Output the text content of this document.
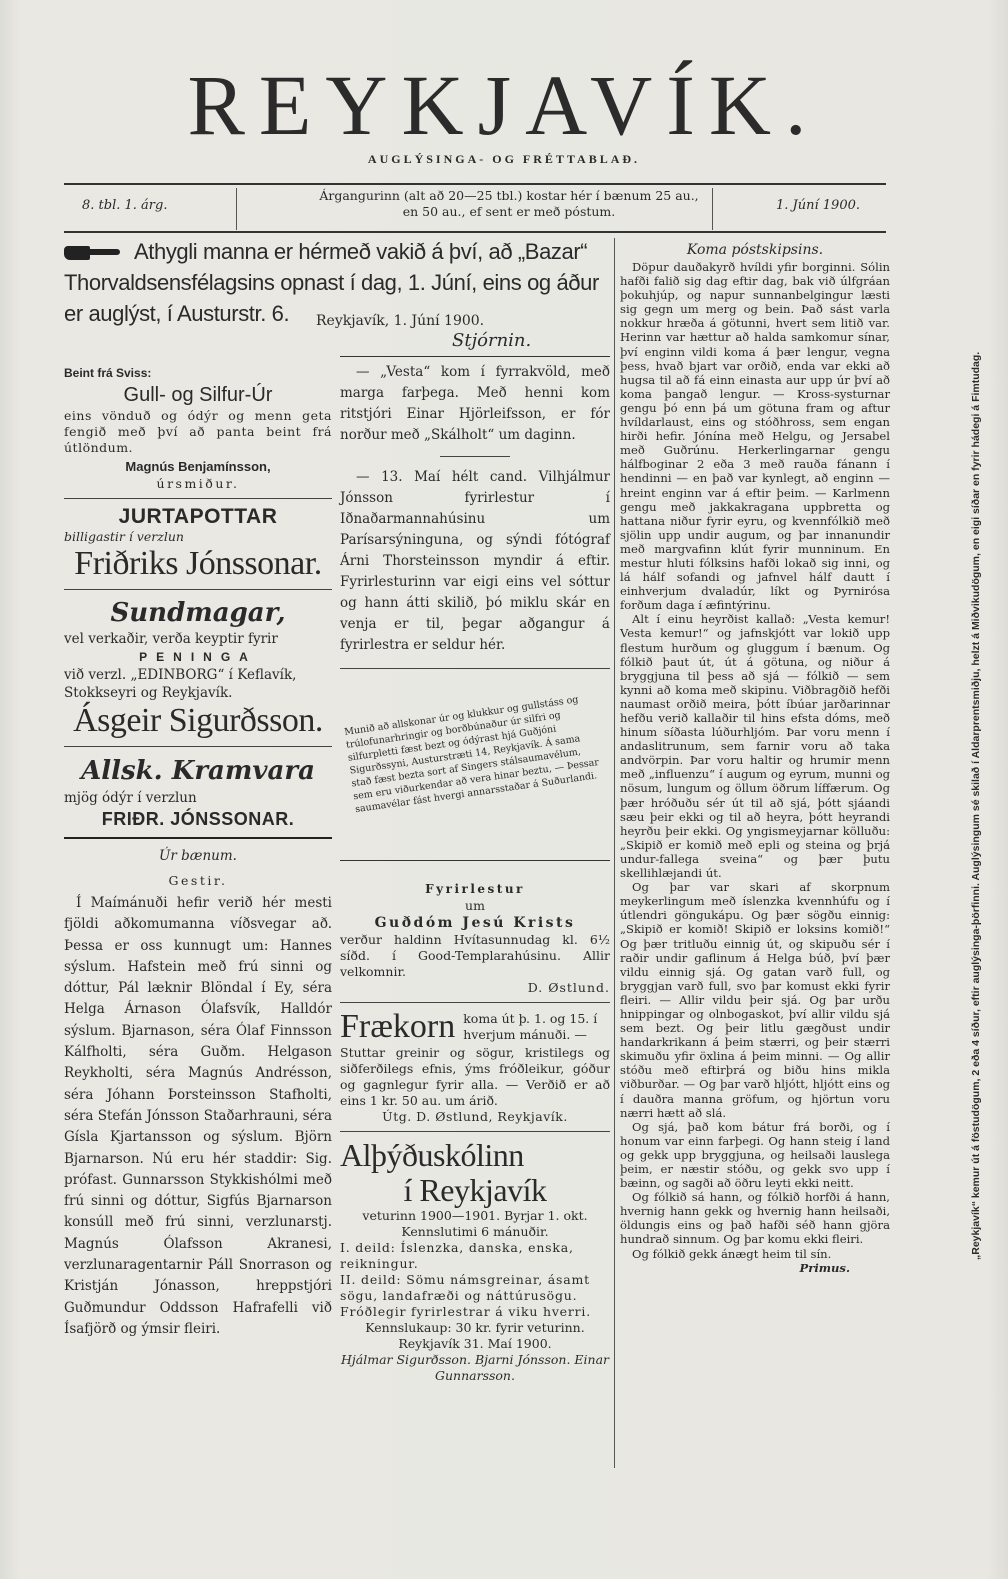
REYKJAVÍK.
AUGLÝSINGA- OG FRÉTTABLAÐ.
8. tbl. 1. árg.
Árgangurinn (alt að 20—25 tbl.) kostar hér í bænum 25 au.,
en 50 au., ef sent er með póstum.	1. Júní 1900.
Athygli manna er hérmeð vakið á því, að „Bazar“ Thorvaldsensfélagsins opnast í dag, 1. Júní, eins og áður er auglýst, í Austurstr. 6.	Reykjavík, 1. Júní 1900.
Stjórnin.

Beint frá Sviss:

Gull- og Silfur-Úr

eins vönduð og ódýr og menn geta fengið með því að panta beint frá útlöndum.

Magnús Benjamínsson,

úrsmiður.

JURTAPOTTAR

billigastir í verzlun

Friðriks Jónssonar.

Sundmagar,

vel verkaðir, verða keyptir fyrir

PENINGA

við verzl. „EDINBORG“ í Keflavík, Stokkseyri og Reykjavík.

Ásgeir Sigurðsson.

Allsk. Kramvara

mjög ódýr í verzlun

FRIÐR. JÓNSSONAR.

Úr bænum.

Gestir.

Í Maímánuði hefir verið hér mesti fjöldi aðkomumanna víðsvegar að. Þessa er oss kunnugt um: Hannes sýslum. Hafstein með frú sinni og dóttur, Pál læknir Blöndal í Ey, séra Helga Árnason Ólafsvík, Halldór sýslum. Bjarnason, séra Ólaf Finnsson Kálfholti, séra Guðm. Helgason Reykholti, séra Magnús Andrésson, séra Jóhann Þorsteinsson Stafholti, séra Stefán Jónsson Staðarhrauni, séra Gísla Kjartansson og sýslum. Björn Bjarnarson. Nú eru hér staddir: Sig. prófast. Gunnarsson Stykkishólmi með frú sinni og dóttur, Sigfús Bjarnarson konsúll með frú sinni, verzlunarstj. Magnús Ólafsson Akranesi, verzlunaragentarnir Páll Snorrason og Kristján Jónasson, hreppstjóri Guðmundur Oddsson Hafrafelli við Ísafjörð og ýmsir fleiri.

— „Vesta“ kom í fyrrakvöld, með marga farþega. Með henni kom ritstjóri Einar Hjörleifsson, er fór norður með „Skálholt“ um daginn.

— 13. Maí hélt cand. Vilhjálmur Jónsson fyrirlestur í Iðnaðarmannahúsinu um Parísarsýninguna, og sýndi fótógraf Árni Thorsteinsson myndir á eftir. Fyrirlesturinn var eigi eins vel sóttur og hann átti skilið, þó miklu skár en venja er til, þegar aðgangur á fyrirlestra er seldur hér.

Munið að allskonar úr og klukkur og gullstáss og trúlofunarhringir og borðbúnaður úr silfri og silfurpletti fæst bezt og ódýrast hjá Guðjóni Sigurðssyni, Austurstræti 14, Reykjavík. Á sama stað fæst bezta sort af Singers stálsaumavélum, sem eru viðurkendar að vera hinar beztu, — Þessar saumavélar fást hvergi annarsstaðar á Suðurlandi.

Fyrirlestur

um

Guðdóm Jesú Krists

verður haldinn Hvítasunnudag kl. 6½ síðd. í Good-Templarahúsinu. Allir velkomnir.

D. Østlund.

Frækorn koma út þ. 1. og 15. í hverjum mánuði. —

Stuttar greinir og sögur, kristilegs og siðferðilegs efnis, ýms fróðleikur, góður og gagnlegur fyrir alla. — Verðið er að eins 1 kr. 50 au. um árið.

Útg. D. Østlund, Reykjavík.

Alþýðuskólinn

í Reykjavík

veturinn 1900—1901. Byrjar 1. okt.

Kennslutimi 6 mánuðir.

I. deild: Íslenzka, danska, enska, reikningur.

II. deild: Sömu námsgreinar, ásamt sögu, landafræði og náttúrusögu.

Fróðlegir fyrirlestrar á viku hverri.

Kennslukaup: 30 kr. fyrir veturinn.

Reykjavík 31. Maí 1900.

Hjálmar Sigurðsson. Bjarni Jónsson. Einar Gunnarsson.

Koma póstskipsins.

Döpur dauðakyrð hvíldi yfir borginni. Sólin hafði falið sig dag eftir dag, bak við úlfgráan þokuhjúp, og napur sunnanbelgingur læsti sig gegn um merg og bein. Það sást varla nokkur hræða á götunni, hvert sem litið var. Herinn var hættur að halda samkomur sínar, því enginn vildi koma á þær lengur, vegna þess, hvað bjart var orðið, enda var ekki að hugsa til að fá einn einasta aur upp úr því að koma þangað lengur. — Kross-systurnar gengu þó enn þá um götuna fram og aftur hvíldarlaust, eins og stóðhross, sem engan hirði hefir. Jónína með Helgu, og Jersabel með Guðrúnu. Herkerlingarnar gengu hálfboginar 2 eða 3 með rauða fánann í hendinni — en það var kynlegt, að enginn — hreint enginn var á eftir þeim. — Karlmenn gengu með jakkakragana uppbretta og hattana niður fyrir eyru, og kvennfólkið með sjölin upp undir augum, og þar innanundir með margvafinn klút fyrir munninum. En mestur hluti fólksins hafði lokað sig inni, og lá hálf sofandi og jafnvel hálf dautt í einhverjum dvaladúr, líkt og Þyrnirósa forðum daga í æfintýrinu.

Alt í einu heyrðist kallað: „Vesta kemur! Vesta kemur!“ og jafnskjótt var lokið upp flestum hurðum og gluggum í bænum. Og fólkið þaut út, út á götuna, og niður á bryggjuna til þess að sjá — fólkið — sem kynni að koma með skipinu. Viðbragðið hefði naumast orðið meira, þótt íbúar jarðarinnar hefðu verið kallaðir til hins efsta dóms, með hinum síðasta lúðurhljóm. Þar voru menn í andaslitrunum, sem farnir voru að taka andvörpin. Þar voru haltir og hrumir menn með „influenzu“ í augum og eyrum, munni og nösum, lungum og öllum öðrum líffærum. Og þær hróðuðu sér út til að sjá, þótt sjáandi sæu þeir ekki og til að heyra, þótt heyrandi heyrðu þeir ekki. Og yngismeyjarnar kölluðu: „Skipið er komið með epli og steina og þrjá undur-fallega sveina“ og þær þutu skellihlæjandi út.

Og þar var skari af skorpnum meykerlingum með íslenzka kvennhúfu og í útlendri göngukápu. Og þær sögðu einnig: „Skipið er komið! Skipið er loksins komið!“ Og þær tritluðu einnig út, og skipuðu sér í raðir undir gaflinum á Helga búð, því þær vildu einnig sjá. Og gatan varð full, og bryggjan varð full, svo þar komust ekki fyrir fleiri. — Allir vildu þeir sjá. Og þar urðu hnippingar og olnbogaskot, því allir vildu sjá sem bezt. Og þeir litlu gægðust undir handarkrikann á þeim stærri, og þeir stærri skimuðu yfir öxlina á þeim minni. — Og allir stóðu með eftirþrá og biðu hins mikla viðburðar. — Og þar varð hljótt, hljótt eins og í dauðra manna gröfum, og hjörtun voru nærri hætt að slá.

Og sjá, það kom bátur frá borði, og í honum var einn farþegi. Og hann steig í land og gekk upp bryggjuna, og heilsaði lauslega þeim, er næstir stóðu, og gekk svo upp í bæinn, og sagði að öðru leyti ekki neitt.

Og fólkið sá hann, og fólkið horfði á hann, hvernig hann gekk og hvernig hann heilsaði, öldungis eins og það hafði séð hann gjöra hundrað sinnum. Og þar komu ekki fleiri.

Og fólkið gekk ánægt heim til sín.

Primus.

„Reykjavík“ kemur út á föstudögum, 2 eða 4 síður, eftir auglýsinga-þörfinni. Auglýsingum sé skilað í Aldarprentsmiðju, helzt á Miðvikudögum, en eigi síðar en fyrir hádegi á Fimtudag.
